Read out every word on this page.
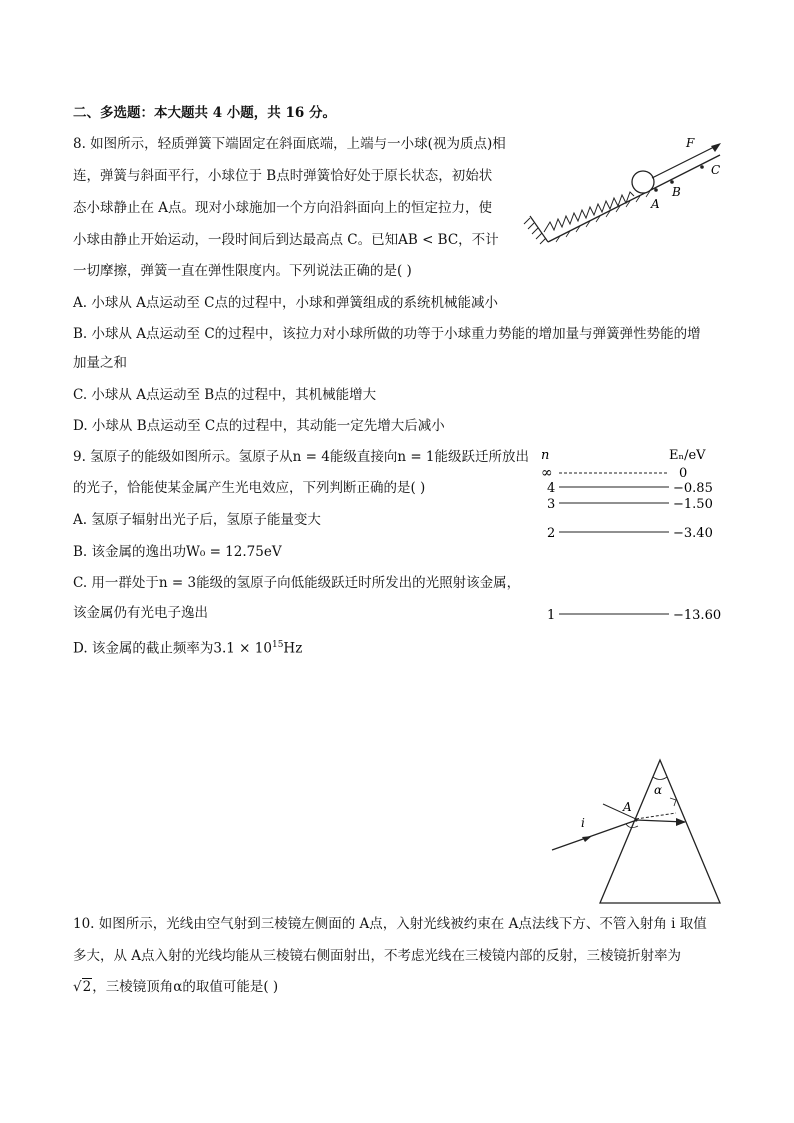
二、多选题：本大题共 4 小题，共 16 分。
8. 如图所示，轻质弹簧下端固定在斜面底端，上端与一小球(视为质点)相
连，弹簧与斜面平行，小球位于 B点时弹簧恰好处于原长状态，初始状
态小球静止在 A点。现对小球施加一个方向沿斜面向上的恒定拉力，使
小球由静止开始运动，一段时间后到达最高点 C。已知AB < BC，不计
一切摩擦，弹簧一直在弹性限度内。下列说法正确的是( )
A. 小球从 A点运动至 C点的过程中，小球和弹簧组成的系统机械能减小
B. 小球从 A点运动至 C的过程中，该拉力对小球所做的功等于小球重力势能的增加量与弹簧弹性势能的增
加量之和
C. 小球从 A点运动至 B点的过程中，其机械能增大
D. 小球从 B点运动至 C点的过程中，其动能一定先增大后减小
F
A
B
C
9. 氢原子的能级如图所示。氢原子从n = 4能级直接向n = 1能级跃迁所放出
的光子，恰能使某金属产生光电效应，下列判断正确的是( )
A. 氢原子辐射出光子后，氢原子能量变大
B. 该金属的逸出功W₀ = 12.75eV
C. 用一群处于n = 3能级的氢原子向低能级跃迁时所发出的光照射该金属，
该金属仍有光电子逸出
D. 该金属的截止频率为$3.1 \times 10^{15}Hz$
n	Eₙ/eV
∞	0
4	−0.85
3	−1.50
2	−3.40
1	−13.60
A
i
α
10. 如图所示，光线由空气射到三棱镜左侧面的 A点，入射光线被约束在 A点法线下方、不管入射角 i 取值
多大，从 A点入射的光线均能从三棱镜右侧面射出，不考虑光线在三棱镜内部的反射，三棱镜折射率为
√2，三棱镜顶角α的取值可能是( )
